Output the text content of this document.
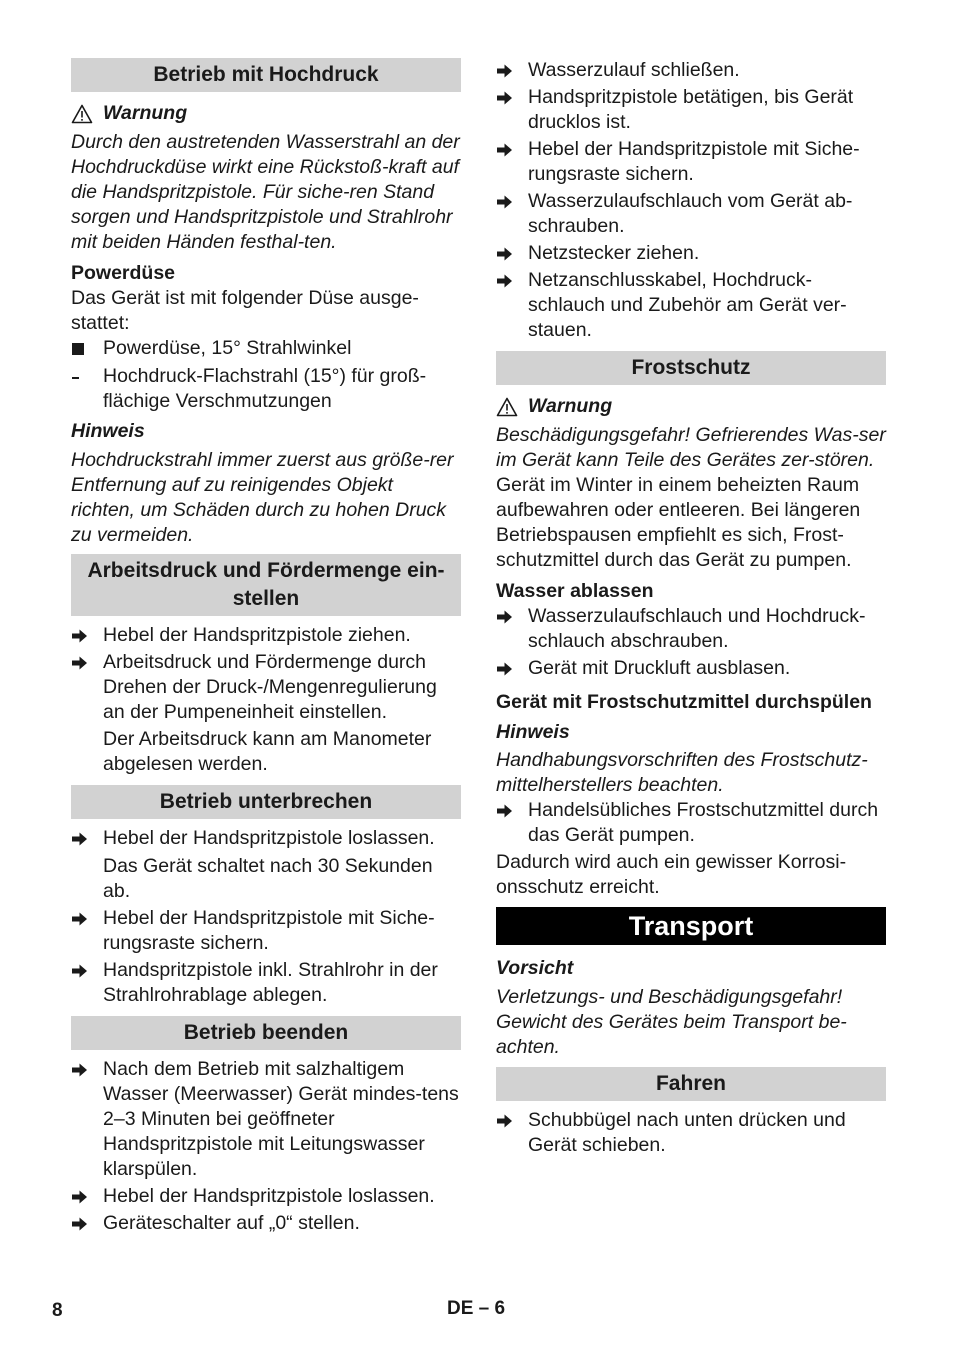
Betrieb mit Hochdruck
Warnung

Durch den austretenden Wasserstrahl an der Hochdruckdüse wirkt eine Rückstoß-kraft auf die Handspritzpistole. Für siche-ren Stand sorgen und Handspritzpistole und Strahlrohr mit beiden Händen festhal-ten.

Powerdüse

Das Gerät ist mit folgender Düse ausge-stattet:

Powerdüse, 15° Strahlwinkel
Hochdruck-Flachstrahl (15°) für groß-flächige Verschmutzungen

Hinweis

Hochdruckstrahl immer zuerst aus größe-rer Entfernung auf zu reinigendes Objekt richten, um Schäden durch zu hohen Druck zu vermeiden.

Arbeitsdruck und Fördermenge ein-stellen
Hebel der Handspritzpistole ziehen.
Arbeitsdruck und Fördermenge durch Drehen der Druck-/Mengenregulierung an der Pumpeneinheit einstellen.

Der Arbeitsdruck kann am Manometer abgelesen werden.

Betrieb unterbrechen
Hebel der Handspritzpistole loslassen.

Das Gerät schaltet nach 30 Sekunden ab.

Hebel der Handspritzpistole mit Siche-rungsraste sichern.
Handspritzpistole inkl. Strahlrohr in der Strahlrohrablage ablegen.
Betrieb beenden
Nach dem Betrieb mit salzhaltigem Wasser (Meerwasser) Gerät mindes-tens 2–3 Minuten bei geöffneter Handspritzpistole mit Leitungswasser klarspülen.
Hebel der Handspritzpistole loslassen.
Geräteschalter auf „0“ stellen.
Wasserzulauf schließen.
Handspritzpistole betätigen, bis Gerät drucklos ist.
Hebel der Handspritzpistole mit Siche-rungsraste sichern.
Wasserzulaufschlauch vom Gerät ab-schrauben.
Netzstecker ziehen.
Netzanschlusskabel, Hochdruck-schlauch und Zubehör am Gerät ver-stauen.
Frostschutz
Warnung

Beschädigungsgefahr! Gefrierendes Was-ser im Gerät kann Teile des Gerätes zer-stören.

Gerät im Winter in einem beheizten Raum aufbewahren oder entleeren. Bei längeren Betriebspausen empfiehlt es sich, Frost-schutzmittel durch das Gerät zu pumpen.

Wasser ablassen

Wasserzulaufschlauch und Hochdruck-schlauch abschrauben.
Gerät mit Druckluft ausblasen.

Gerät mit Frostschutzmittel durchspülen

Hinweis

Handhabungsvorschriften des Frostschutz-mittelherstellers beachten.

Handelsübliches Frostschutzmittel durch das Gerät pumpen.

Dadurch wird auch ein gewisser Korrosi-onsschutz erreicht.

Transport

Vorsicht

Verletzungs- und Beschädigungsgefahr! Gewicht des Gerätes beim Transport be-achten.

Fahren
Schubbügel nach unten drücken und Gerät schieben.
8	DE – 6
